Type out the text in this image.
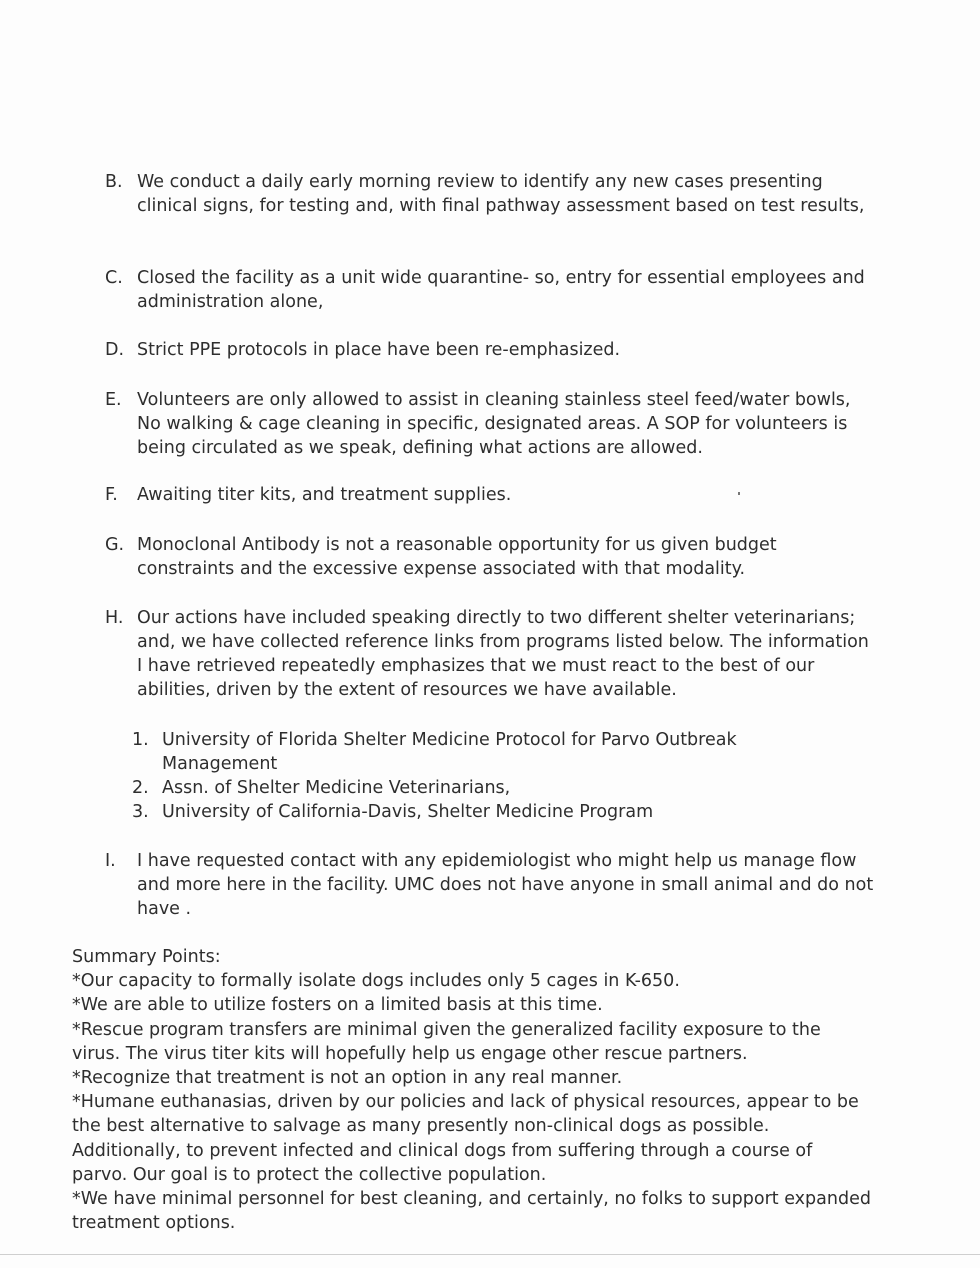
B. We conduct a daily early morning review to identify any new cases presenting clinical signs, for testing and, with final pathway assessment based on test results,
C. Closed the facility as a unit wide quarantine- so, entry for essential employees and administration alone,
D. Strict PPE protocols in place have been re-emphasized.
E. Volunteers are only allowed to assist in cleaning stainless steel feed/water bowls, No walking & cage cleaning in specific, designated areas. A SOP for volunteers is being circulated as we speak, defining what actions are allowed.
F.	Awaiting titer kits, and treatment supplies.
G. Monoclonal Antibody is not a reasonable opportunity for us given budget constraints and the excessive expense associated with that modality.
H. Our actions have included speaking directly to two different shelter veterinarians; and, we have collected reference links from programs listed below. The information I have retrieved repeatedly emphasizes that we must react to the best of our abilities, driven by the extent of resources we have available.
1. University of Florida Shelter Medicine Protocol for Parvo Outbreak Management
2. Assn. of Shelter Medicine Veterinarians,
3. University of California-Davis, Shelter Medicine Program
I.	I have requested contact with any epidemiologist who might help us manage flow and more here in the facility. UMC does not have anyone in small animal and do not have .

Summary Points:

*Our capacity to formally isolate dogs includes only 5 cages in K-650.

*We are able to utilize fosters on a limited basis at this time.

*Rescue program transfers are minimal given the generalized facility exposure to the virus. The virus titer kits will hopefully help us engage other rescue partners.

*Recognize that treatment is not an option in any real manner.

*Humane euthanasias, driven by our policies and lack of physical resources, appear to be the best alternative to salvage as many presently non-clinical dogs as possible. Additionally, to prevent infected and clinical dogs from suffering through a course of parvo. Our goal is to protect the collective population.

*We have minimal personnel for best cleaning, and certainly, no folks to support expanded treatment options.
